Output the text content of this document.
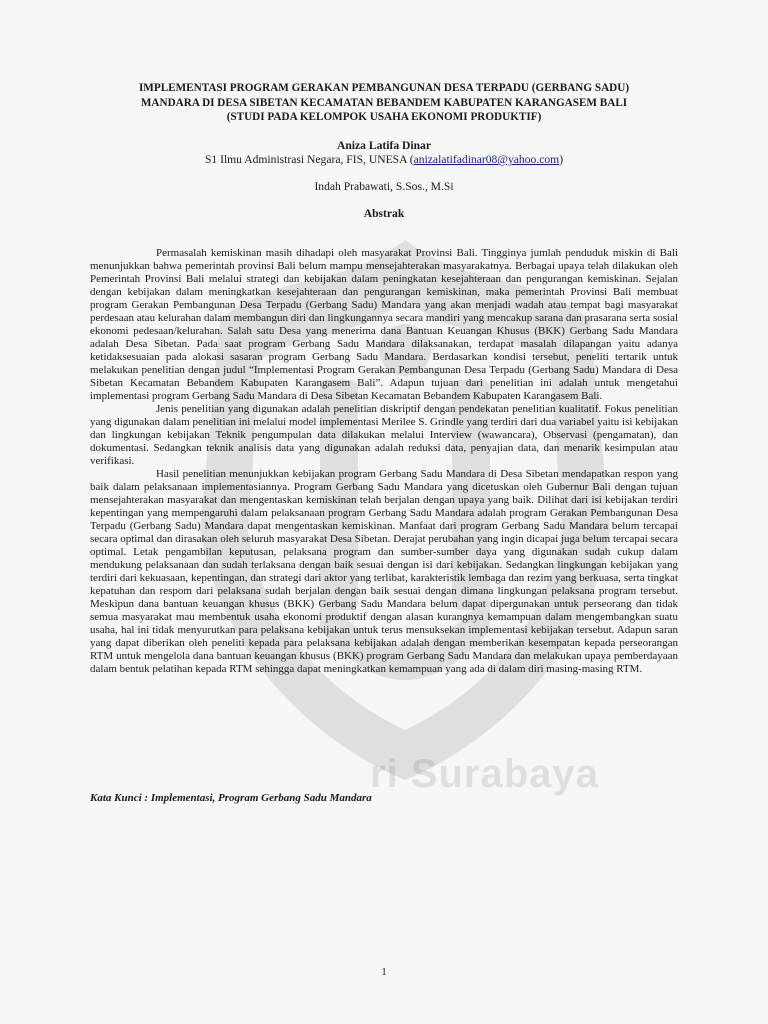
ri Surabaya
IMPLEMENTASI PROGRAM GERAKAN PEMBANGUNAN DESA TERPADU (GERBANG SADU)
MANDARA DI DESA SIBETAN KECAMATAN BEBANDEM KABUPATEN KARANGASEM BALI
(STUDI PADA KELOMPOK USAHA EKONOMI PRODUKTIF)

Aniza Latifa Dinar

S1 Ilmu Administrasi Negara, FIS, UNESA (anizalatifadinar08@yahoo.com)

Indah Prabawati, S.Sos., M.Si

Abstrak

Permasalah kemiskinan masih dihadapi oleh masyarakat Provinsi Bali. Tingginya jumlah penduduk miskin di Bali menunjukkan bahwa pemerintah provinsi Bali belum mampu mensejahterakan masyarakatnya. Berbagai upaya telah dilakukan oleh Pemerintah Provinsi Bali melalui strategi dan kebijakan dalam peningkatan kesejahteraan dan pengurangan kemiskinan. Sejalan dengan kebijakan dalam meningkatkan kesejahteraan dan pengurangan kemiskinan, maka pemerintah Provinsi Bali membuat program Gerakan Pembangunan Desa Terpadu (Gerbang Sadu) Mandara yang akan menjadi wadah atau tempat bagi masyarakat perdesaan atau kelurahan dalam membangun diri dan lingkungannya secara mandiri yang mencakup sarana dan prasarana serta sosial ekonomi pedesaan/kelurahan. Salah satu Desa yang menerima dana Bantuan Keuangan Khusus (BKK) Gerbang Sadu Mandara adalah Desa Sibetan. Pada saat program Gerbang Sadu Mandara dilaksanakan, terdapat masalah dilapangan yaitu adanya ketidaksesuaian pada alokasi sasaran program Gerbang Sadu Mandara. Berdasarkan kondisi tersebut, peneliti tertarik untuk melakukan penelitian dengan judul “Implementasi Program Gerakan Pembangunan Desa Terpadu (Gerbang Sadu) Mandara di Desa Sibetan Kecamatan Bebandem Kabupaten Karangasem Bali”. Adapun tujuan dari penelitian ini adalah untuk mengetahui implementasi program Gerbang Sadu Mandara di Desa Sibetan Kecamatan Bebandem Kabupaten Karangasem Bali.

Jenis penelitian yang digunakan adalah penelitian diskriptif dengan pendekatan penelitian kualitatif. Fokus penelitian yang digunakan dalam penelitian ini melalui model implementasi Merilee S. Grindle yang terdiri dari dua variabel yaitu isi kebijakan dan lingkungan kebijakan Teknik pengumpulan data dilakukan melalui Interview (wawancara), Observasi (pengamatan), dan dokumentasi. Sedangkan teknik analisis data yang digunakan adalah reduksi data, penyajian data, dan menarik kesimpulan atau verifikasi.

Hasil penelitian menunjukkan kebijakan program Gerbang Sadu Mandara di Desa Sibetan mendapatkan respon yang baik dalam pelaksanaan implementasiannya. Program Gerbang Sadu Mandara yang dicetuskan oleh Gubernur Bali dengan tujuan mensejahterakan masyarakat dan mengentaskan kemiskinan telah berjalan dengan upaya yang baik. Dilihat dari isi kebijakan terdiri kepentingan yang mempengaruhi dalam pelaksanaan program Gerbang Sadu Mandara adalah program Gerakan Pembangunan Desa Terpadu (Gerbang Sadu) Mandara dapat mengentaskan kemiskinan. Manfaat dari program Gerbang Sadu Mandara belum tercapai secara optimal dan dirasakan oleh seluruh masyarakat Desa Sibetan. Derajat perubahan yang ingin dicapai juga belum tercapai secara optimal. Letak pengambilan keputusan, pelaksana program dan sumber-sumber daya yang digunakan sudah cukup dalam mendukung pelaksanaan dan sudah terlaksana dengan baik sesuai dengan isi dari kebijakan. Sedangkan lingkungan kebijakan yang terdiri dari kekuasaan, kepentingan, dan strategi dari aktor yang terlibat, karakteristik lembaga dan rezim yang berkuasa, serta tingkat kepatuhan dan respom dari pelaksana sudah berjalan dengan baik sesuai dengan dimana lingkungan pelaksana program tersebut. Meskipun dana bantuan keuangan khusus (BKK) Gerbang Sadu Mandara belum dapat dipergunakan untuk perseorang dan tidak semua masyarakat mau membentuk usaha ekonomi produktif dengan alasan kurangnya kemampuan dalam mengembangkan suatu usaha, hal ini tidak menyurutkan para pelaksana kebijakan untuk terus mensuksekan implementasi kebijakan tersebut. Adapun saran yang dapat diberikan oleh peneliti kepada para pelaksana kebijakan adalah dengan memberikan kesempatan kepada perseorangan RTM untuk mengelola dana bantuan keuangan khusus (BKK) program Gerbang Sadu Mandara dan melakukan upaya pemberdayaan dalam bentuk pelatihan kepada RTM sehingga dapat meningkatkan kemampuan yang ada di dalam diri masing-masing RTM.

Kata Kunci : Implementasi, Program Gerbang Sadu Mandara

1
